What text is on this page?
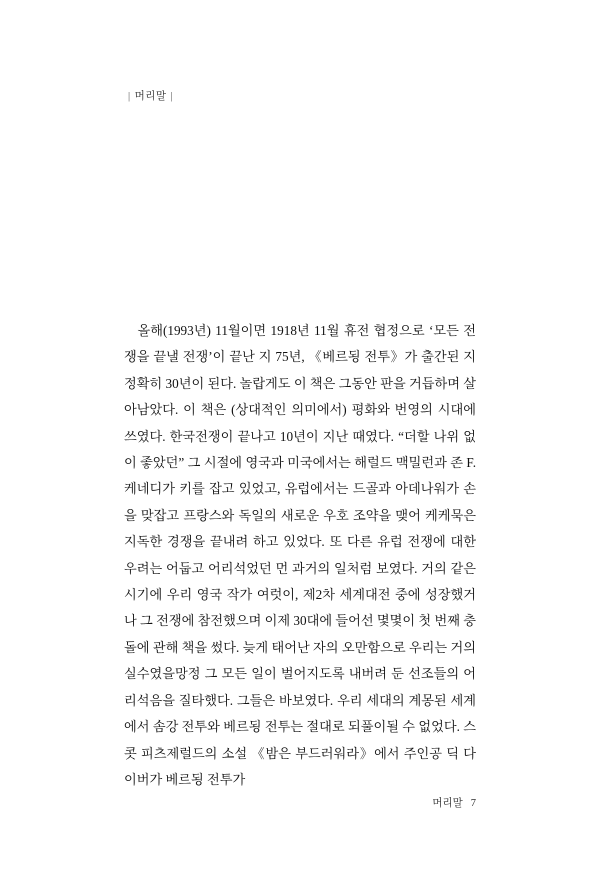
| 머리말 |

올해(1993년) 11월이면 1918년 11월 휴전 협정으로 ‘모든 전쟁을 끝낼 전쟁’이 끝난 지 75년, 《베르됭 전투》가 출간된 지 정확히 30년이 된다. 놀랍게도 이 책은 그동안 판을 거듭하며 살아남았다. 이 책은 (상대적인 의미에서) 평화와 번영의 시대에 쓰였다. 한국전쟁이 끝나고 10년이 지난 때였다. “더할 나위 없이 좋았던” 그 시절에 영국과 미국에서는 해럴드 맥밀런과 존 F. 케네디가 키를 잡고 있었고, 유럽에서는 드골과 아데나워가 손을 맞잡고 프랑스와 독일의 새로운 우호 조약을 맺어 케케묵은 지독한 경쟁을 끝내려 하고 있었다. 또 다른 유럽 전쟁에 대한 우려는 어둡고 어리석었던 먼 과거의 일처럼 보였다. 거의 같은 시기에 우리 영국 작가 여럿이, 제2차 세계대전 중에 성장했거나 그 전쟁에 참전했으며 이제 30대에 들어선 몇몇이 첫 번째 충돌에 관해 책을 썼다. 늦게 태어난 자의 오만함으로 우리는 거의 실수였을망정 그 모든 일이 벌어지도록 내버려 둔 선조들의 어리석음을 질타했다. 그들은 바보였다. 우리 세대의 계몽된 세계에서 솜강 전투와 베르됭 전투는 절대로 되풀이될 수 없었다. 스콧 피츠제럴드의 소설 《밤은 부드러워라》에서 주인공 딕 다이버가 베르됭 전투가

머리말 7
